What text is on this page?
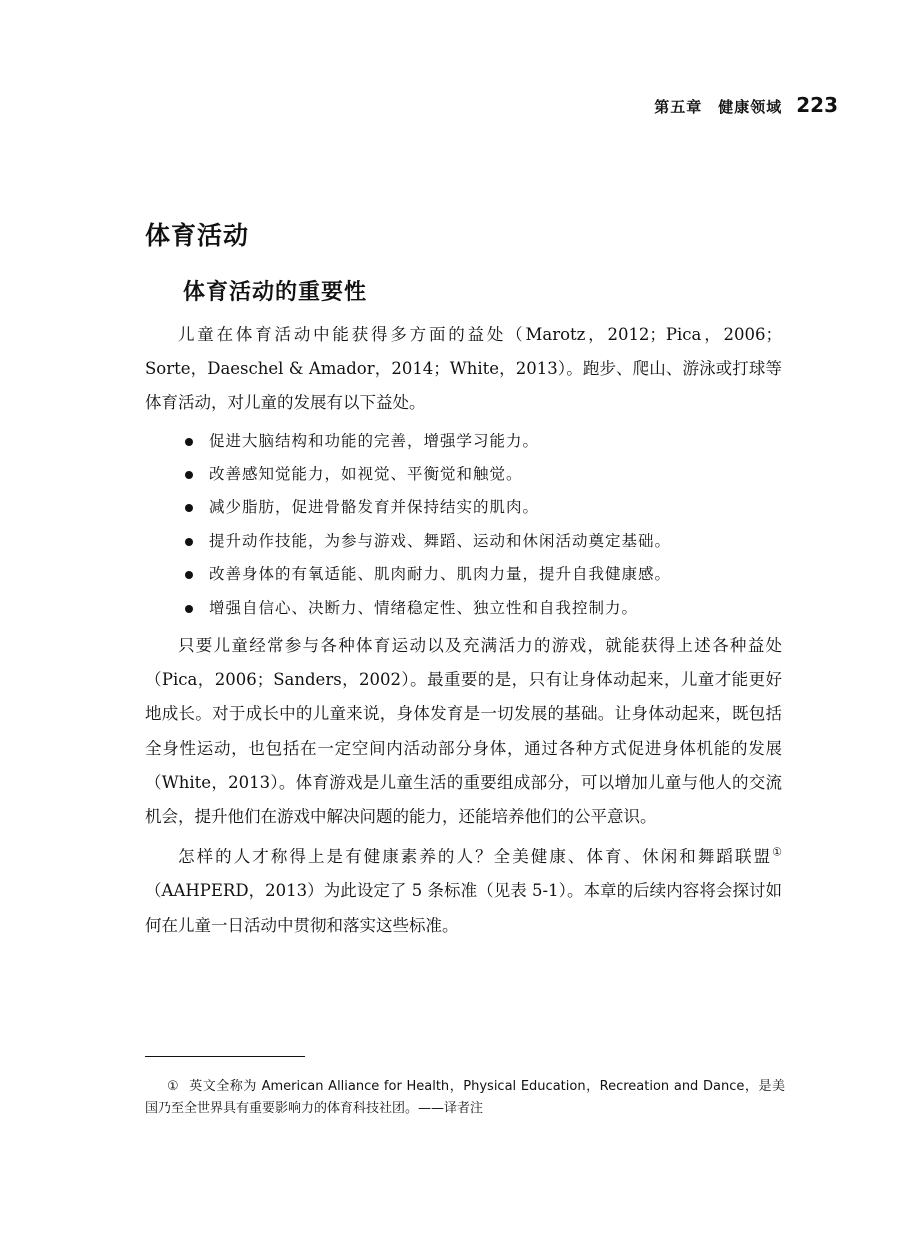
第五章　健康领域 223
体育活动
体育活动的重要性

儿童在体育活动中能获得多方面的益处（Marotz，2012；Pica，2006；Sorte，Daeschel & Amador，2014；White，2013）。跑步、爬山、游泳或打球等体育活动，对儿童的发展有以下益处。

促进大脑结构和功能的完善，增强学习能力。
改善感知觉能力，如视觉、平衡觉和触觉。
减少脂肪，促进骨骼发育并保持结实的肌肉。
提升动作技能，为参与游戏、舞蹈、运动和休闲活动奠定基础。
改善身体的有氧适能、肌肉耐力、肌肉力量，提升自我健康感。
增强自信心、决断力、情绪稳定性、独立性和自我控制力。

只要儿童经常参与各种体育运动以及充满活力的游戏，就能获得上述各种益处（Pica，2006；Sanders，2002）。最重要的是，只有让身体动起来，儿童才能更好地成长。对于成长中的儿童来说，身体发育是一切发展的基础。让身体动起来，既包括全身性运动，也包括在一定空间内活动部分身体，通过各种方式促进身体机能的发展（White，2013）。体育游戏是儿童生活的重要组成部分，可以增加儿童与他人的交流机会，提升他们在游戏中解决问题的能力，还能培养他们的公平意识。

怎样的人才称得上是有健康素养的人？全美健康、体育、休闲和舞蹈联盟①（AAHPERD，2013）为此设定了 5 条标准（见表 5-1）。本章的后续内容将会探讨如何在儿童一日活动中贯彻和落实这些标准。

① 英文全称为 American Alliance for Health，Physical Education，Recreation and Dance，是美国乃至全世界具有重要影响力的体育科技社团。——译者注
